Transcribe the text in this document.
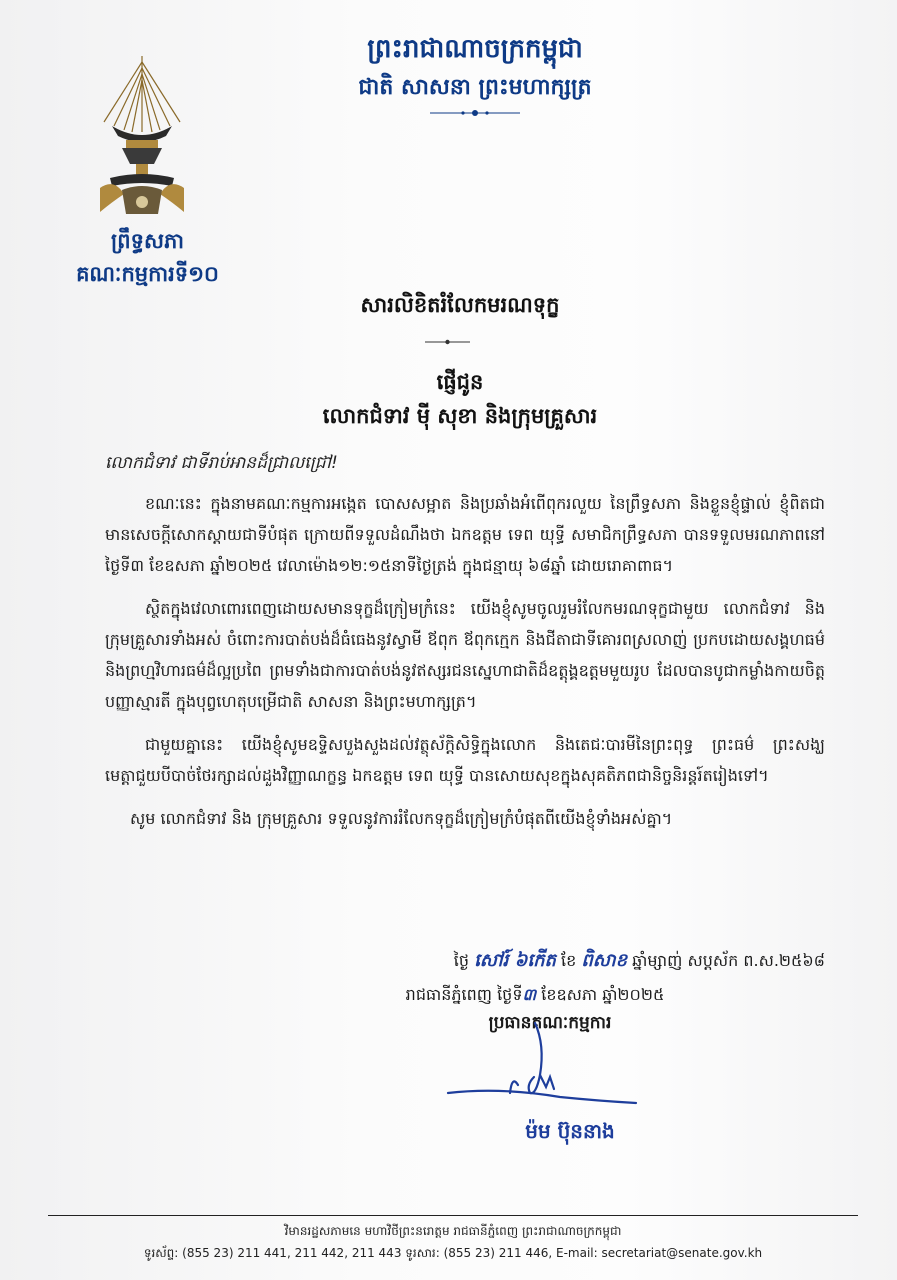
ព្រឹទ្ធសភា
គណៈកម្មការទី១០
ព្រះរាជាណាចក្រកម្ពុជា
ជាតិ សាសនា ព្រះមហាក្សត្រ
សារលិខិតរំលែកមរណទុក្ខ
ផ្ញើជូន
លោកជំទាវ ម៉ី សុខា និងក្រុមគ្រួសារ
លោកជំទាវ ជាទីរាប់អានដ៏ជ្រាលជ្រៅ!

ខណៈនេះ ក្នុងនាមគណៈកម្មការអង្កេត បោសសម្អាត និងប្រឆាំងអំពើពុករលួយ នៃព្រឹទ្ធសភា និងខ្លួនខ្ញុំផ្ទាល់ ខ្ញុំពិតជាមានសេចក្តីសោកស្តាយជាទីបំផុត ក្រោយពីទទួលដំណឹងថា ឯកឧត្តម ទេព យុទ្ធី សមាជិកព្រឹទ្ធសភា បានទទួលមរណភាពនៅថ្ងៃទី៣ ខែឧសភា ឆ្នាំ២០២៥ វេលាម៉ោង១២:១៥នាទីថ្ងៃត្រង់ ក្នុងជន្មាយុ ៦៨ឆ្នាំ ដោយរោគាពាធ។

ស្ថិតក្នុងវេលាពោរពេញដោយសមានទុក្ខដ៏ក្រៀមក្រំនេះ យើងខ្ញុំសូមចូលរួមរំលែកមរណទុក្ខជាមួយ លោកជំទាវ និង ក្រុមគ្រួសារទាំងអស់ ចំពោះការបាត់បង់ដ៏ធំធេងនូវស្វាមី ឪពុក ឪពុកក្មេក និងជីតាជាទីគោរពស្រលាញ់ ប្រកបដោយសង្គហធម៌ និងព្រហ្មវិហារធម៌ដ៏ល្អប្រពៃ ព្រមទាំងជាការបាត់បង់នូវឥស្សរជនស្នេហាជាតិដ៏ឧត្តុង្គឧត្តមមួយរូប ដែលបានបូជាកម្លាំងកាយចិត្ត បញ្ញាស្មារតី ក្នុងបុព្វហេតុបម្រើជាតិ សាសនា និងព្រះមហាក្សត្រ។

ជាមួយគ្នានេះ យើងខ្ញុំសូមឧទ្ទិសបួងសួងដល់វត្ថុស័ក្តិសិទ្ធិក្នុងលោក និងតេជៈបារមីនៃព្រះពុទ្ធ ព្រះធម៌ ព្រះសង្ឃ មេត្តាជួយបីបាច់ថែរក្សាដល់ដួងវិញ្ញាណក្ខន្ធ ឯកឧត្តម ទេព យុទ្ធី បានសោយសុខក្នុងសុគតិភពជានិច្ចនិរន្តរ៍តរៀងទៅ។

សូម លោកជំទាវ និង ក្រុមគ្រួសារ ទទួលនូវការរំលែកទុក្ខដ៏ក្រៀមក្រំបំផុតពីយើងខ្ញុំទាំងអស់គ្នា។

ថ្ងៃ សៅរ៍ ៦កើត ខែ ពិសាខ ឆ្នាំម្សាញ់ សប្តស័ក ព.ស.២៥៦៨
រាជធានីភ្នំពេញ ថ្ងៃទី៣ ខែឧសភា ឆ្នាំ២០២៥
ប្រធានគណៈកម្មការ
ម៉ម ប៊ុននាង
វិមានរដ្ឋសភាមនេ មហាវិថីព្រះនរោត្តម រាជធានីភ្នំពេញ ព្រះរាជាណាចក្រកម្ពុជា
ទូរស័ព្ទ: (855 23) 211 441, 211 442, 211 443 ទូរសារ: (855 23) 211 446, E-mail: secretariat@senate.gov.kh
